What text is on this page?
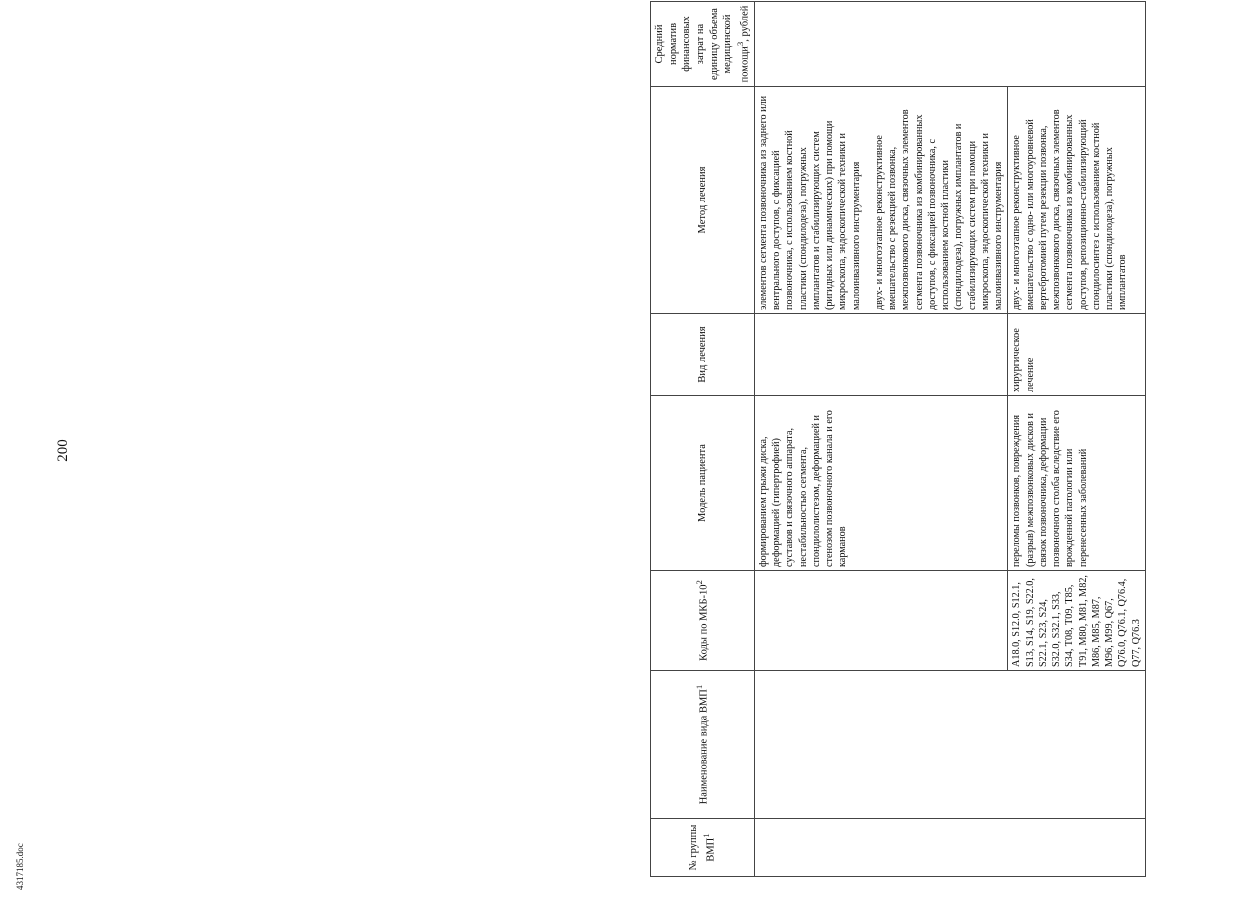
200
4317185.doc	№ группы ВМП$^1$	Наименование вида ВМП$^1$	Коды по МКБ-$10^2$	Модель пациента	Вид лечения	Метод лечения	Средний норматив финансовых затрат на единицу объема медицинской помощи$^3$, рублей
			формированием грыжи диска, деформацией (гипертрофией) суставов и связочного аппарата, нестабильностью сегмента, спондилолистезом, деформацией и стенозом позвоночного канала и его карманов		элементов сегмента позвоночника из заднего или вентрального доступов, с фиксацией позвоночника, с использованием костной пластики (спондилодеза), погружных имплантатов и стабилизирующих систем (ригидных или динамических) при помощи микроскопа, эндоскопической техники и малоинвазивного инструментария двух- и многоэтапное реконструктивное вмешательство с резекцией позвонка, межпозвонкового диска, связочных элементов сегмента позвоночника из комбинированных доступов, с фиксацией позвоночника, с использованием костной пластики (спондилодеза), погружных имплантатов и стабилизирующих систем при помощи микроскопа, эндоскопической техники и малоинвазивного инструментария	

		A18.0, S12.0, S12.1, S13, S14, S19, S22.0, S22.1, S23, S24, S32.0, S32.1, S33, S34, T08, T09, T85, T91, M80, M81, M82, M86, M85, M87, M96, M99, Q67, Q76.0, Q76.1, Q76.4, Q77, Q76.3	переломы позвонков, повреждения (разрыв) межпозвонковых дисков и связок позвоночника, деформации позвоночного столба вследствие его врожденной патологии или перенесенных заболеваний	хирургическое лечение	двух- и многоэтапное реконструктивное вмешательство с одно- или многоуровневой вертебротомией путем резекции позвонка, межпозвонкового диска, связочных элементов сегмента позвоночника из комбинированных доступов, репозиционно-стабилизирующий спондилосинтез с использованием костной пластики (спондилодеза), погружных имплантатов	
